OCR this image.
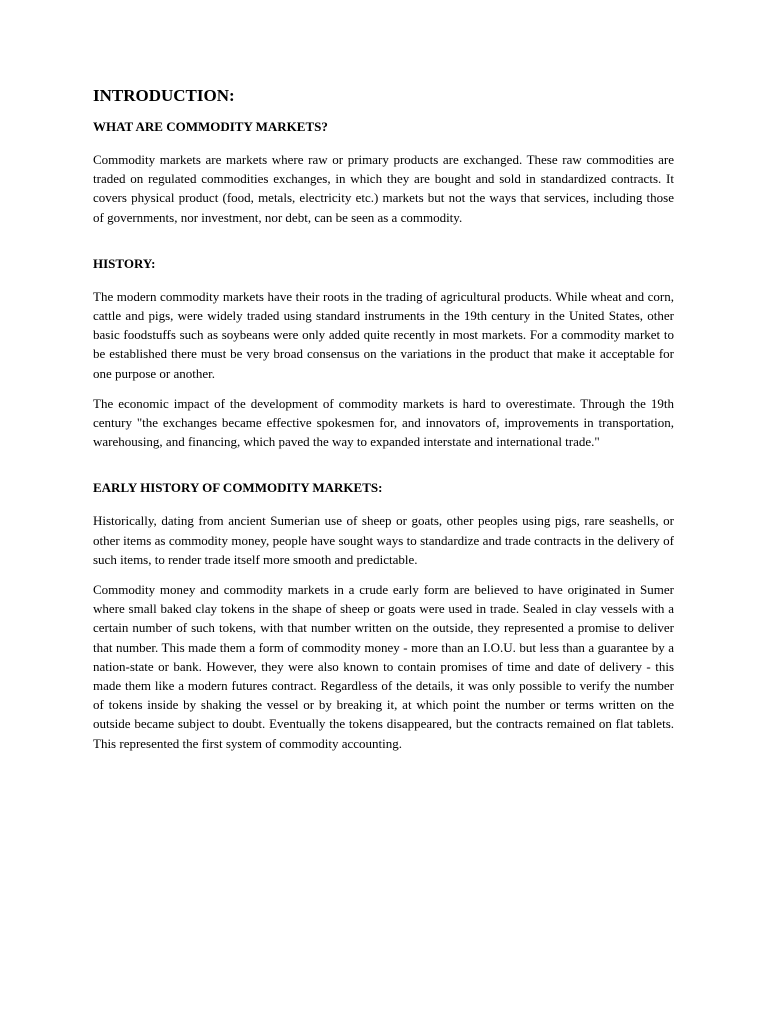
INTRODUCTION:
WHAT ARE COMMODITY MARKETS?

Commodity markets are markets where raw or primary products are exchanged. These raw commodities are traded on regulated commodities exchanges, in which they are bought and sold in standardized contracts. It covers physical product (food, metals, electricity etc.) markets but not the ways that services, including those of governments, nor investment, nor debt, can be seen as a commodity.

HISTORY:

The modern commodity markets have their roots in the trading of agricultural products. While wheat and corn, cattle and pigs, were widely traded using standard instruments in the 19th century in the United States, other basic foodstuffs such as soybeans were only added quite recently in most markets. For a commodity market to be established there must be very broad consensus on the variations in the product that make it acceptable for one purpose or another.

The economic impact of the development of commodity markets is hard to overestimate. Through the 19th century "the exchanges became effective spokesmen for, and innovators of, improvements in transportation, warehousing, and financing, which paved the way to expanded interstate and international trade."

EARLY HISTORY OF COMMODITY MARKETS:

Historically, dating from ancient Sumerian use of sheep or goats, other peoples using pigs, rare seashells, or other items as commodity money, people have sought ways to standardize and trade contracts in the delivery of such items, to render trade itself more smooth and predictable.

Commodity money and commodity markets in a crude early form are believed to have originated in Sumer where small baked clay tokens in the shape of sheep or goats were used in trade. Sealed in clay vessels with a certain number of such tokens, with that number written on the outside, they represented a promise to deliver that number. This made them a form of commodity money - more than an I.O.U. but less than a guarantee by a nation-state or bank. However, they were also known to contain promises of time and date of delivery - this made them like a modern futures contract. Regardless of the details, it was only possible to verify the number of tokens inside by shaking the vessel or by breaking it, at which point the number or terms written on the outside became subject to doubt. Eventually the tokens disappeared, but the contracts remained on flat tablets. This represented the first system of commodity accounting.
